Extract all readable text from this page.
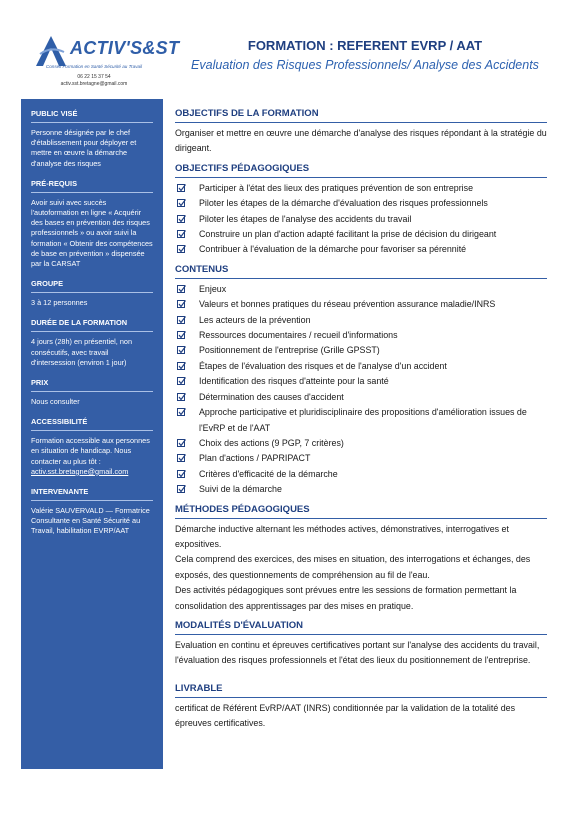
ACTIV'S&ST
Conseil Formation en Santé Sécurité au Travail
06 22 15 37 54
activ.sst.bretagne@gmail.com
FORMATION : REFERENT EVRP / AAT
Evaluation des Risques Professionnels/ Analyse des Accidents
PUBLIC VISÉ
Personne désignée par le chef d'établissement pour déployer et mettre en œuvre la démarche d'analyse des risques
PRÉ-REQUIS
Avoir suivi avec succès l'autoformation en ligne « Acquérir des bases en prévention des risques professionnels » ou avoir suivi la formation « Obtenir des compétences de base en prévention » dispensée par la CARSAT
GROUPE
3 à 12 personnes
DURÉE DE LA FORMATION
4 jours (28h) en présentiel, non consécutifs, avec travail d'intersession (environ 1 jour)
PRIX
Nous consulter
ACCESSIBILITÉ
Formation accessible aux personnes en situation de handicap. Nous contacter au plus tôt :
activ.sst.bretagne@gmail.com
INTERVENANTE
Valérie SAUVERVALD — Formatrice Consultante en Santé Sécurité au Travail, habilitation EVRP/AAT
OBJECTIFS DE LA FORMATION
Organiser et mettre en œuvre une démarche d'analyse des risques répondant à la stratégie du dirigeant.
OBJECTIFS PÉDAGOGIQUES
Participer à l'état des lieux des pratiques prévention de son entreprise
Piloter les étapes de la démarche d'évaluation des risques professionnels
Piloter les étapes de l'analyse des accidents du travail
Construire un plan d'action adapté facilitant la prise de décision du dirigeant
Contribuer à l'évaluation de la démarche pour favoriser sa pérennité
CONTENUS
Enjeux
Valeurs et bonnes pratiques du réseau prévention assurance maladie/INRS
Les acteurs de la prévention
Ressources documentaires / recueil d'informations
Positionnement de l'entreprise (Grille GPSST)
Étapes de l'évaluation des risques et de l'analyse d'un accident
Identification des risques d'atteinte pour la santé
Détermination des causes d'accident
Approche participative et pluridisciplinaire des propositions d'amélioration issues de l'EvRP et de l'AAT
Choix des actions (9 PGP, 7 critères)
Plan d'actions / PAPRIPACT
Critères d'efficacité de la démarche
Suivi de la démarche
MÉTHODES PÉDAGOGIQUES
Démarche inductive alternant les méthodes actives, démonstratives, interrogatives et expositives.
Cela comprend des exercices, des mises en situation, des interrogations et échanges, des exposés, des questionnements de compréhension au fil de l'eau.
Des activités pédagogiques sont prévues entre les sessions de formation permettant la consolidation des apprentissages par des mises en pratique.
MODALITÉS D'ÉVALUATION
Evaluation en continu et épreuves certificatives portant sur l'analyse des accidents du travail, l'évaluation des risques professionnels et l'état des lieux du positionnement de l'entreprise.
LIVRABLE
certificat de Référent EvRP/AAT (INRS) conditionnée par la validation de la totalité des épreuves certificatives.
